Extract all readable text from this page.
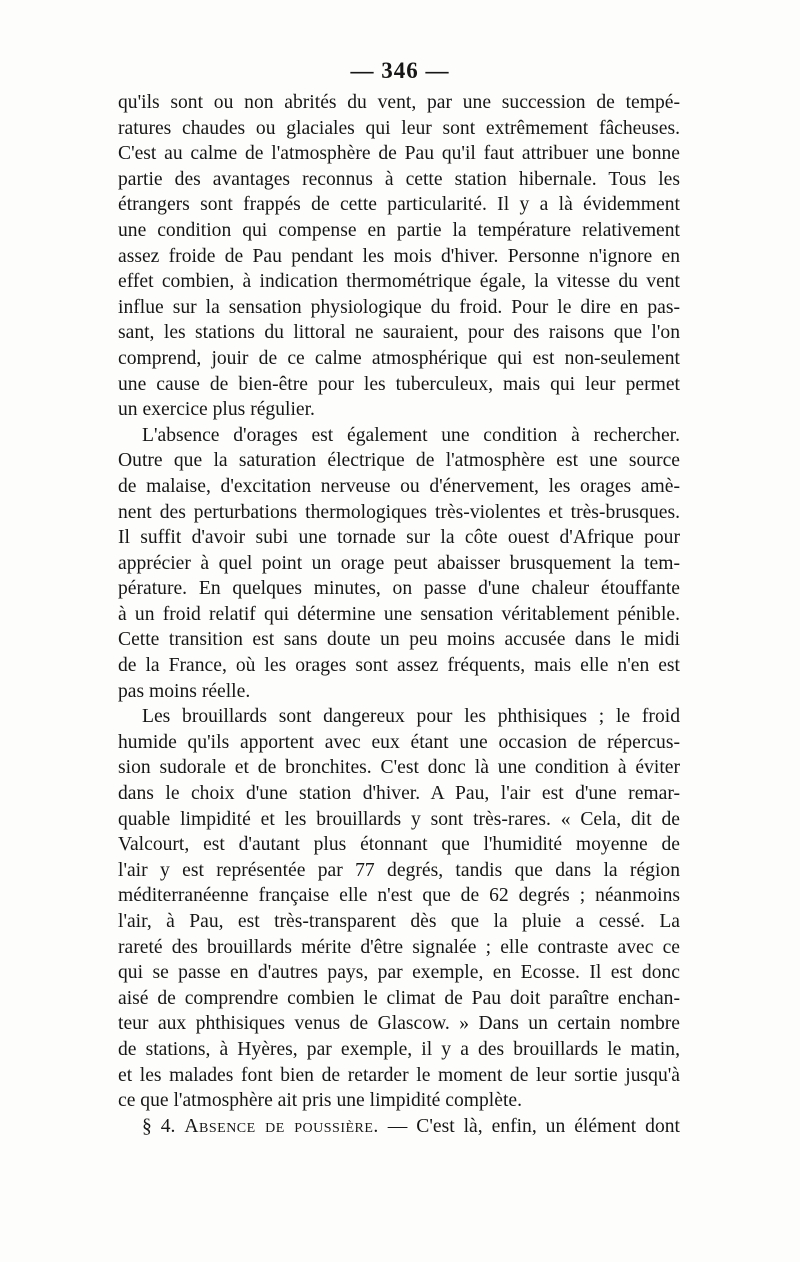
— 346 —
qu'ils sont ou non abrités du vent, par une succession de tempé-
ratures chaudes ou glaciales qui leur sont extrêmement fâcheuses.
C'est au calme de l'atmosphère de Pau qu'il faut attribuer une bonne
partie des avantages reconnus à cette station hibernale. Tous les
étrangers sont frappés de cette particularité. Il y a là évidemment
une condition qui compense en partie la température relativement
assez froide de Pau pendant les mois d'hiver. Personne n'ignore en
effet combien, à indication thermométrique égale, la vitesse du vent
influe sur la sensation physiologique du froid. Pour le dire en pas-
sant, les stations du littoral ne sauraient, pour des raisons que l'on
comprend, jouir de ce calme atmosphérique qui est non-seulement
une cause de bien-être pour les tuberculeux, mais qui leur permet
un exercice plus régulier.
L'absence d'orages est également une condition à rechercher.
Outre que la saturation électrique de l'atmosphère est une source
de malaise, d'excitation nerveuse ou d'énervement, les orages amè-
nent des perturbations thermologiques très-violentes et très-brusques.
Il suffit d'avoir subi une tornade sur la côte ouest d'Afrique pour
apprécier à quel point un orage peut abaisser brusquement la tem-
pérature. En quelques minutes, on passe d'une chaleur étouffante
à un froid relatif qui détermine une sensation véritablement pénible.
Cette transition est sans doute un peu moins accusée dans le midi
de la France, où les orages sont assez fréquents, mais elle n'en est
pas moins réelle.
Les brouillards sont dangereux pour les phthisiques ; le froid
humide qu'ils apportent avec eux étant une occasion de répercus-
sion sudorale et de bronchites. C'est donc là une condition à éviter
dans le choix d'une station d'hiver. A Pau, l'air est d'une remar-
quable limpidité et les brouillards y sont très-rares. « Cela, dit de
Valcourt, est d'autant plus étonnant que l'humidité moyenne de
l'air y est représentée par 77 degrés, tandis que dans la région
méditerranéenne française elle n'est que de 62 degrés ; néanmoins
l'air, à Pau, est très-transparent dès que la pluie a cessé. La
rareté des brouillards mérite d'être signalée ; elle contraste avec ce
qui se passe en d'autres pays, par exemple, en Ecosse. Il est donc
aisé de comprendre combien le climat de Pau doit paraître enchan-
teur aux phthisiques venus de Glascow. » Dans un certain nombre
de stations, à Hyères, par exemple, il y a des brouillards le matin,
et les malades font bien de retarder le moment de leur sortie jusqu'à
ce que l'atmosphère ait pris une limpidité complète.
§ 4. Absence de poussière. — C'est là, enfin, un élément dont
